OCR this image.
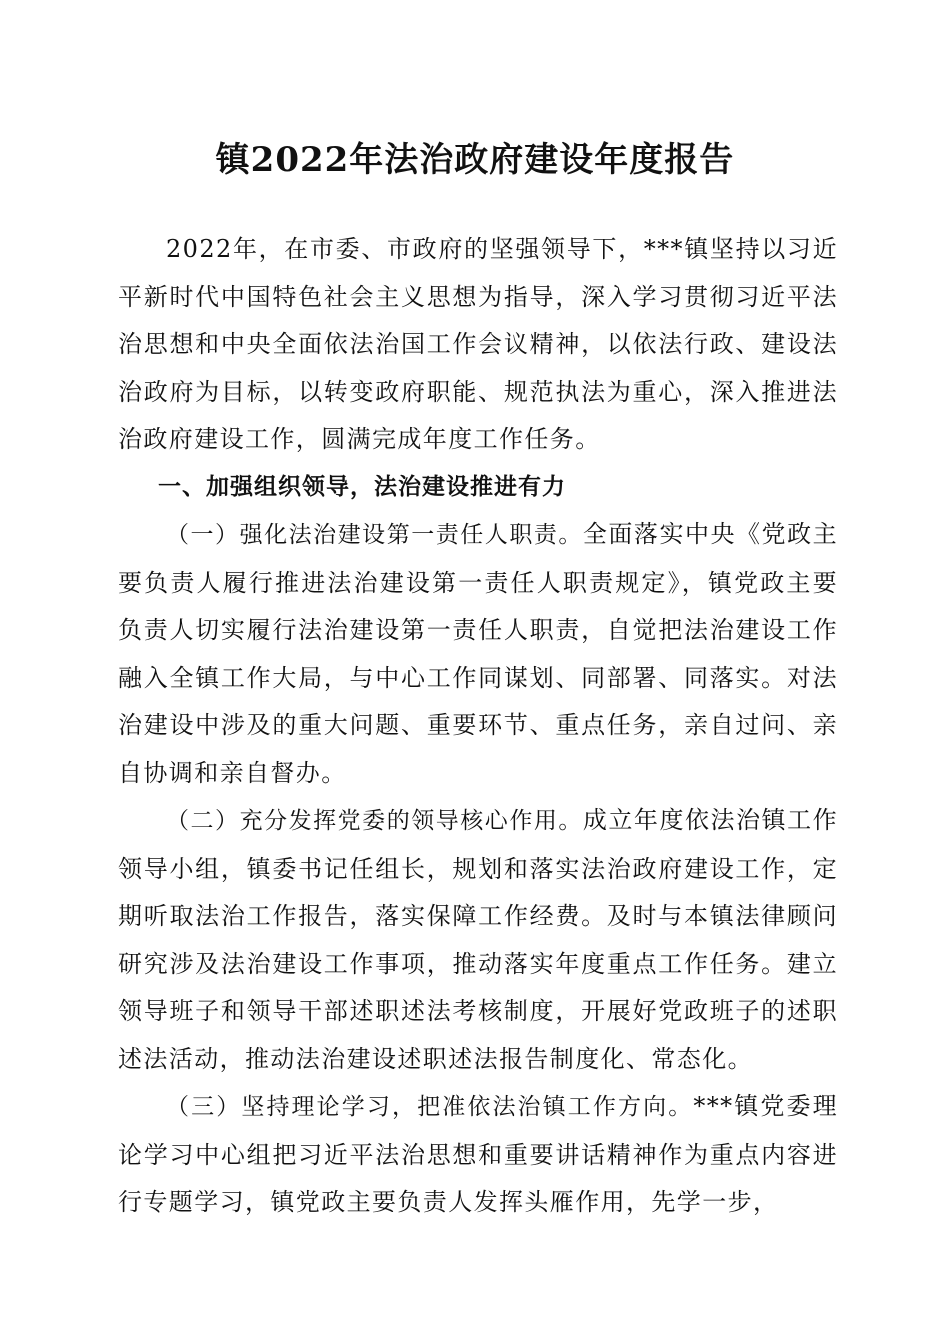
镇2022年法治政府建设年度报告

2022年，在市委、市政府的坚强领导下，***镇坚持以习近平新时代中国特色社会主义思想为指导，深入学习贯彻习近平法治思想和中央全面依法治国工作会议精神，以依法行政、建设法治政府为目标，以转变政府职能、规范执法为重心，深入推进法治政府建设工作，圆满完成年度工作任务。

一、加强组织领导，法治建设推进有力

（一）强化法治建设第一责任人职责。全面落实中央《党政主要负责人履行推进法治建设第一责任人职责规定》，镇党政主要负责人切实履行法治建设第一责任人职责，自觉把法治建设工作融入全镇工作大局，与中心工作同谋划、同部署、同落实。对法治建设中涉及的重大问题、重要环节、重点任务，亲自过问、亲自协调和亲自督办。

（二）充分发挥党委的领导核心作用。成立年度依法治镇工作领导小组，镇委书记任组长，规划和落实法治政府建设工作，定期听取法治工作报告，落实保障工作经费。及时与本镇法律顾问研究涉及法治建设工作事项，推动落实年度重点工作任务。建立领导班子和领导干部述职述法考核制度，开展好党政班子的述职述法活动，推动法治建设述职述法报告制度化、常态化。

（三）坚持理论学习，把准依法治镇工作方向。***镇党委理论学习中心组把习近平法治思想和重要讲话精神作为重点内容进行专题学习，镇党政主要负责人发挥头雁作用，先学一步，
